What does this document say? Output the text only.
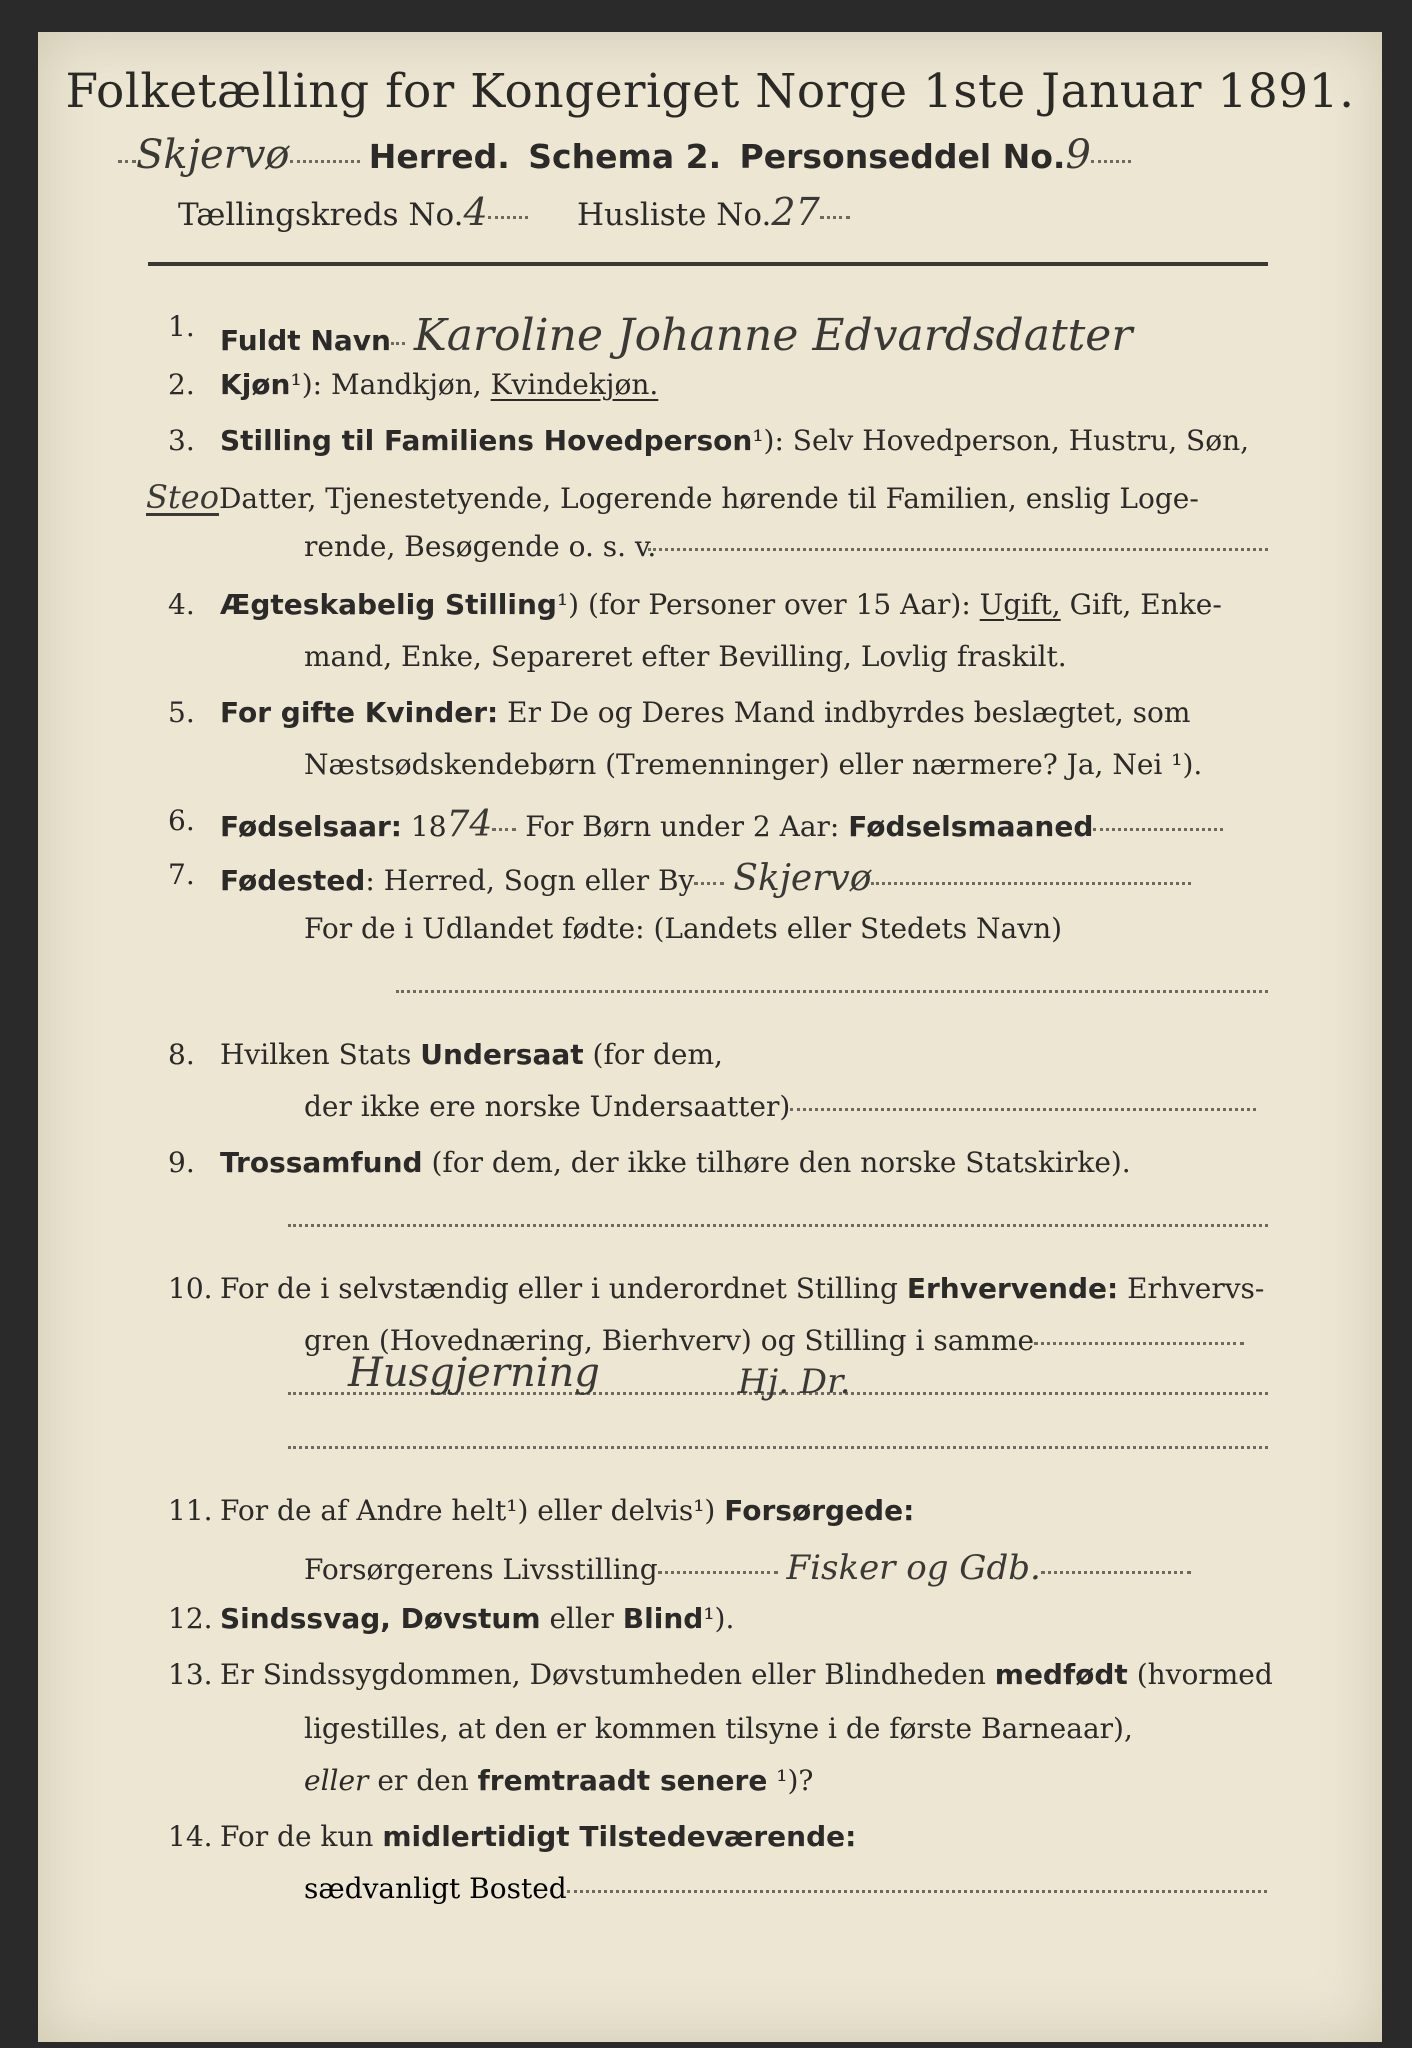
Folketælling for Kongeriget Norge 1ste Januar 1891.
Skjervø Herred. Schema 2. Personseddel No.9
Tællingskreds No.4	Husliste No.27
1. Fuldt Navn Karoline Johanne Edvardsdatter
2. Kjøn¹): Mandkjøn, Kvindekjøn.
3. Stilling til Familiens Hovedperson¹): Selv Hovedperson, Hustru, Søn,
SteoDatter, Tjenestetyende, Logerende hørende til Familien, enslig Loge-
rende, Besøgende o. s. v.
4. Ægteskabelig Stilling¹) (for Personer over 15 Aar): Ugift, Gift, Enke-
mand, Enke, Separeret efter Bevilling, Lovlig fraskilt.
5. For gifte Kvinder: Er De og Deres Mand indbyrdes beslægtet, som
Næstsødskendebørn (Tremenninger) eller nærmere? Ja, Nei ¹).
6. Fødselsaar: 1874 For Børn under 2 Aar: Fødselsmaaned
7. Fødested: Herred, Sogn eller By Skjervø
For de i Udlandet fødte: (Landets eller Stedets Navn)
8. Hvilken Stats Undersaat (for dem,
der ikke ere norske Undersaatter)
9. Trossamfund (for dem, der ikke tilhøre den norske Statskirke).
10. For de i selvstændig eller i underordnet Stilling Erhvervende: Erhvervs-
gren (Hovednæring, Bierhverv) og Stilling i samme
Husgjerning	Hj. Dr.
11. For de af Andre helt¹) eller delvis¹) Forsørgede:
Forsørgerens Livsstilling	Fisker og Gdb.
12. Sindssvag, Døvstum eller Blind¹).
13. Er Sindssygdommen, Døvstumheden eller Blindheden medfødt (hvormed
ligestilles, at den er kommen tilsyne i de første Barneaar),
eller er den fremtraadt senere ¹)?
14. For de kun midlertidigt Tilstedeværende:
sædvanligt Bosted
